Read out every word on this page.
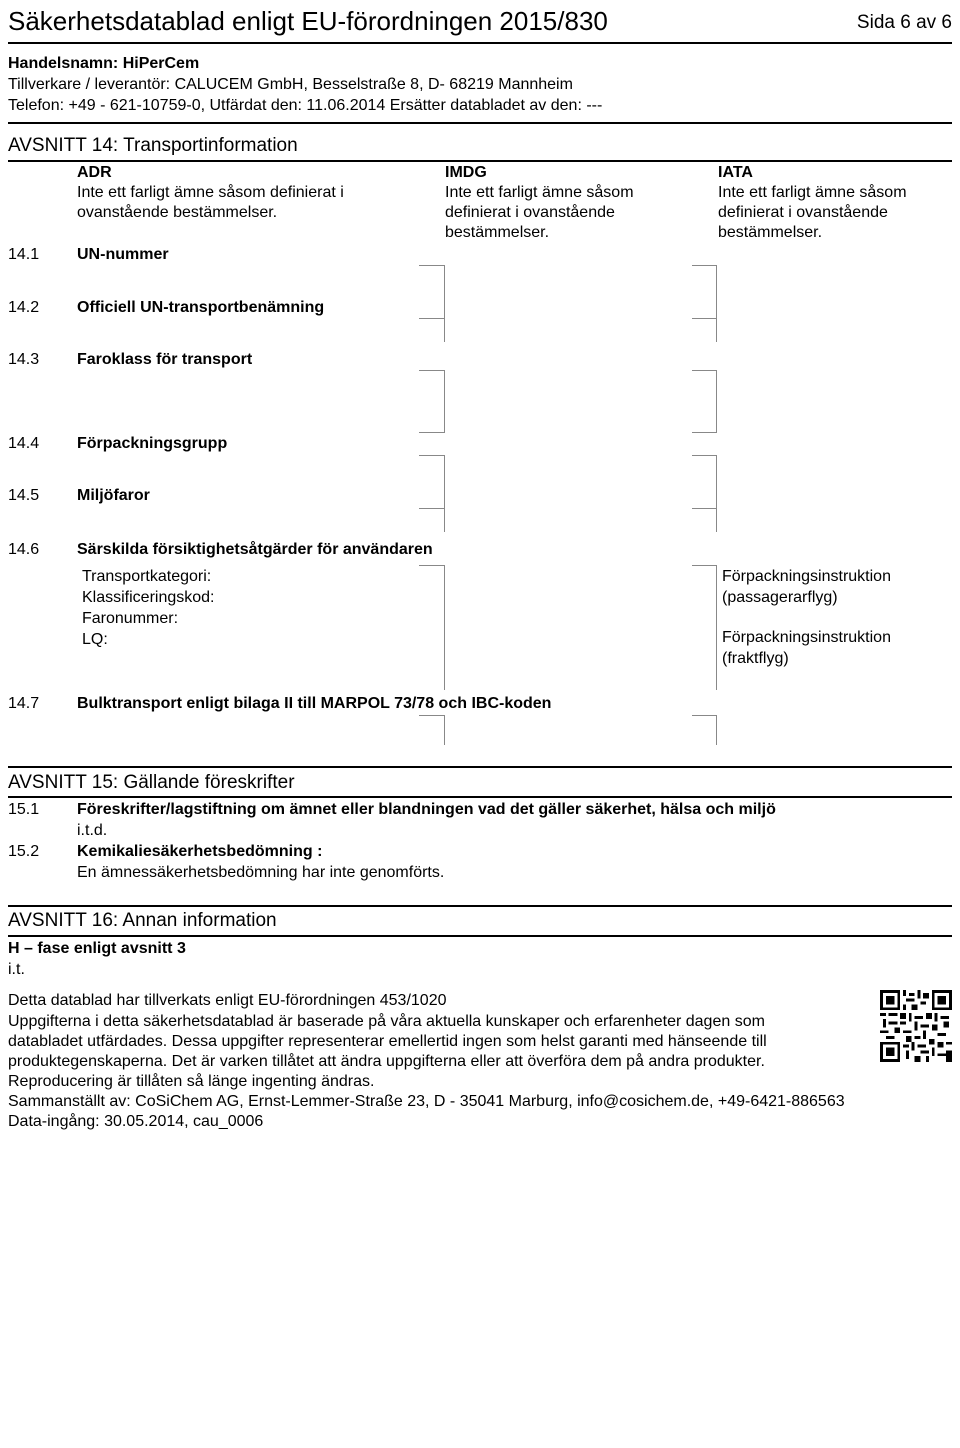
Säkerhetsdatablad enligt EU-förordningen 2015/830	Sida 6 av 6
Handelsnamn: HiPerCem
Tillverkare / leverantör: CALUCEM GmbH, Besselstraße 8, D- 68219 Mannheim
Telefon: +49 - 621-10759-0, Utfärdat den: 11.06.2014 Ersätter databladet av den: ---
AVSNITT 14: Transportinformation
ADR
Inte ett farligt ämne såsom definierat i ovanstående bestämmelser.
IMDG
Inte ett farligt ämne såsom definierat i ovanstående bestämmelser.
IATA
Inte ett farligt ämne såsom definierat i ovanstående bestämmelser.
14.1 UN-nummer
14.2 Officiell UN-transportbenämning
14.3 Faroklass för transport
14.4 Förpackningsgrupp
14.5 Miljöfaror
14.6 Särskilda försiktighetsåtgärder för användaren
Transportkategori:
Klassificeringskod:
Faronummer:
LQ:
Förpackningsinstruktion
(passagerarflyg)
Förpackningsinstruktion
(fraktflyg)
14.7 Bulktransport enligt bilaga II till MARPOL 73/78 och IBC-koden
AVSNITT 15: Gällande föreskrifter
15.1 Föreskrifter/lagstiftning om ämnet eller blandningen vad det gäller säkerhet, hälsa och miljö
i.t.d.
15.2 Kemikaliesäkerhetsbedömning :
En ämnessäkerhetsbedömning har inte genomförts.
AVSNITT 16: Annan information
H – fase enligt avsnitt 3
i.t.
Detta datablad har tillverkats enligt EU-förordningen 453/1020
Uppgifterna i detta säkerhetsdatablad är baserade på våra aktuella kunskaper och erfarenheter dagen som
databladet utfärdades. Dessa uppgifter representerar emellertid ingen som helst garanti med hänseende till
produktegenskaperna. Det är varken tillåtet att ändra uppgifterna eller att överföra dem på andra produkter.
Reproducering är tillåten så länge ingenting ändras.
Sammanställt av: CoSiChem AG, Ernst-Lemmer-Straße 23, D - 35041 Marburg, info@cosichem.de, +49-6421-886563
Data-ingång: 30.05.2014, cau_0006
